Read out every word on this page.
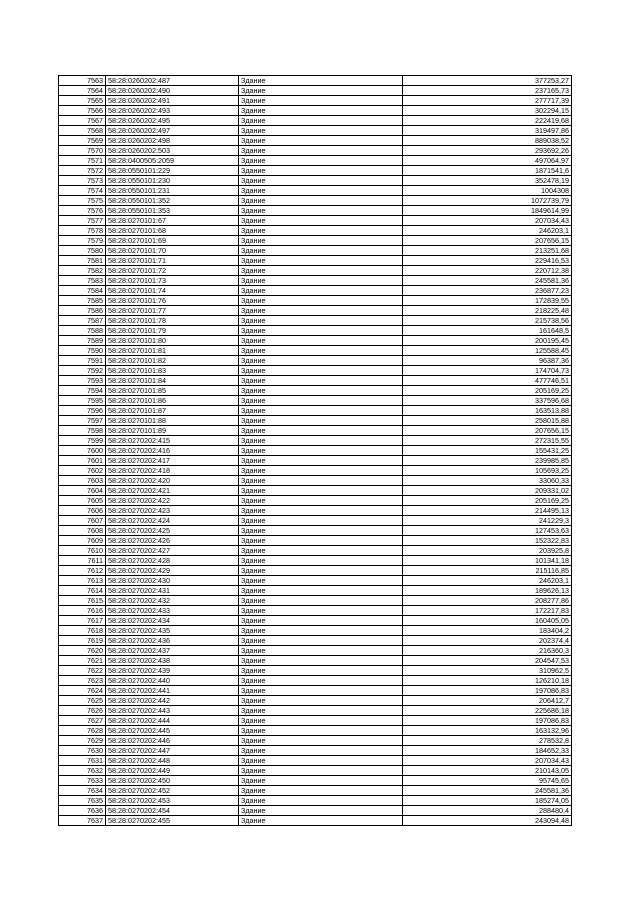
7563	58:28:0260202:487	Здание	377253,27
7564	58:28:0260202:490	Здание	237165,73
7565	58:28:0260202:491	Здание	277717,39
7566	58:28:0260202:493	Здание	302294,15
7567	58:28:0260202:495	Здание	222419,68
7568	58:28:0260202:497	Здание	319497,86
7569	58:28:0260202:498	Здание	889038,52
7570	58:28:0260202:503	Здание	293692,26
7571	58:28:0400505:2059	Здание	497064,97
7572	58:28:0550101:229	Здание	1871541,6
7573	58:28:0550101:230	Здание	352478,19
7574	58:28:0550101:231	Здание	1004308
7575	58:28:0550101:352	Здание	1072739,79
7576	58:28:0550101:353	Здание	1849614,99
7577	58:28:0270101:67	Здание	207034,43
7578	58:28:0270101:68	Здание	246203,1
7579	58:28:0270101:69	Здание	207656,15
7580	58:28:0270101:70	Здание	213251,68
7581	58:28:0270101:71	Здание	229416,53
7582	58:28:0270101:72	Здание	220712,38
7583	58:28:0270101:73	Здание	245581,36
7584	58:28:0270101:74	Здание	236877,23
7585	58:28:0270101:76	Здание	172839,55
7586	58:28:0270101:77	Здание	218225,48
7587	58:28:0270101:78	Здание	215738,56
7588	58:28:0270101:79	Здание	161648,5
7589	58:28:0270101:80	Здание	200195,45
7590	58:28:0270101:81	Здание	125588,45
7591	58:28:0270101:82	Здание	96387,36
7592	58:28:0270101:83	Здание	174704,73
7593	58:28:0270101:84	Здание	477746,51
7594	58:28:0270101:85	Здание	205169,25
7595	58:28:0270101:86	Здание	337596,68
7596	58:28:0270101:87	Здание	163513,88
7597	58:28:0270101:88	Здание	258015,88
7598	58:28:0270101:89	Здание	207656,15
7599	58:28:0270202:415	Здание	272315,55
7600	58:28:0270202:416	Здание	155431,25
7601	58:28:0270202:417	Здание	239985,85
7602	58:28:0270202:418	Здание	105693,25
7603	58:28:0270202:420	Здание	33060,33
7604	58:28:0270202:421	Здание	209331,02
7605	58:28:0270202:422	Здание	205169,25
7606	58:28:0270202:423	Здание	214495,13
7607	58:28:0270202:424	Здание	241229,3
7608	58:28:0270202:425	Здание	127453,63
7609	58:28:0270202:426	Здание	152322,83
7610	58:28:0270202:427	Здание	203925,8
7611	58:28:0270202:428	Здание	101341,18
7612	58:28:0270202:429	Здание	215116,85
7613	58:28:0270202:430	Здание	246203,1
7614	58:28:0270202:431	Здание	189626,13
7615	58:28:0270202:432	Здание	208277,86
7616	58:28:0270202:433	Здание	172217,83
7617	58:28:0270202:434	Здание	160405,05
7618	58:28:0270202:435	Здание	183404,2
7619	58:28:0270202:436	Здание	202374,4
7620	58:28:0270202:437	Здание	216360,3
7621	58:28:0270202:438	Здание	204547,53
7622	58:28:0270202:439	Здание	310962,5
7623	58:28:0270202:440	Здание	126210,18
7624	58:28:0270202:441	Здание	197086,83
7625	58:28:0270202:442	Здание	206412,7
7626	58:28:0270202:443	Здание	225686,18
7627	58:28:0270202:444	Здание	197086,83
7628	58:28:0270202:445	Здание	163132,96
7629	58:28:0270202:446	Здание	278532,8
7630	58:28:0270202:447	Здание	184652,33
7631	58:28:0270202:448	Здание	207034,43
7632	58:28:0270202:449	Здание	210143,05
7633	58:28:0270202:450	Здание	95745,65
7634	58:28:0270202:452	Здание	245581,36
7635	58:28:0270202:453	Здание	185274,05
7636	58:28:0270202:454	Здание	288480,4
7637	58:28:0270202:455	Здание	243094,48
